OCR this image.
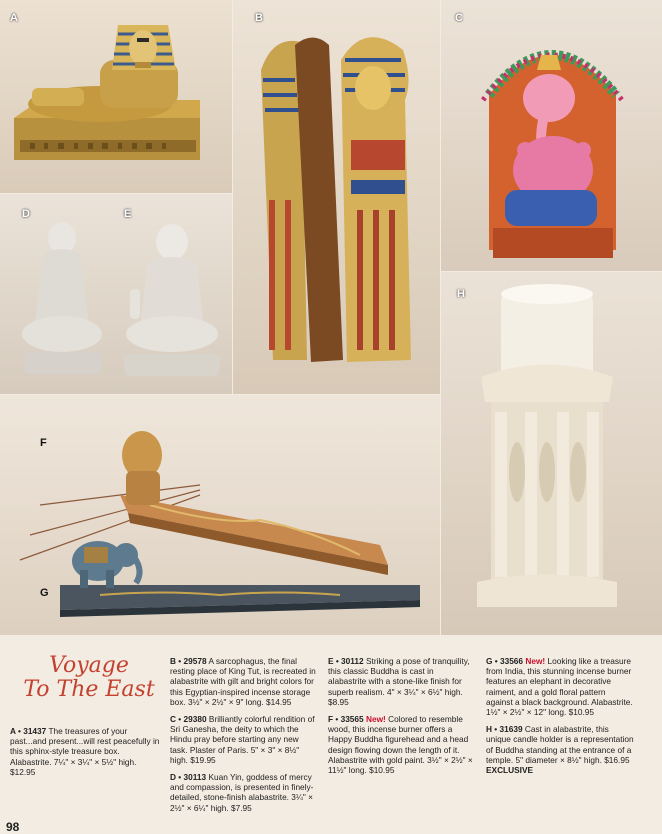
A	B	C
D	E
F
G
H
Voyage
To The East

A • 31437 The treasures of your past...and present...will rest peacefully in this sphinx-style treasure box. Alabastrite. 7¼" × 3¼" × 5½" high. $12.95

B • 29578 A sarcophagus, the final resting place of King Tut, is recreated in alabastrite with gilt and bright colors for this Egyptian-inspired incense storage box. 3½" × 2½" × 9" long. $14.95

C • 29380 Brilliantly colorful rendition of Sri Ganesha, the deity to which the Hindu pray before starting any new task. Plaster of Paris. 5" × 3" × 8½" high. $19.95

D • 30113 Kuan Yin, goddess of mercy and compassion, is presented in finely-detailed, stone-finish alabastrite. 3¼" × 2½" × 6¼" high. $7.95

E • 30112 Striking a pose of tranquility, this classic Buddha is cast in alabastrite with a stone-like finish for superb realism. 4" × 3¼" × 6½" high. $8.95

F • 33565 New! Colored to resemble wood, this incense burner offers a Happy Buddha figurehead and a head design flowing down the length of it. Alabastrite with gold paint. 3½" × 2½" × 11½" long. $10.95

G • 33566 New! Looking like a treasure from India, this stunning incense burner features an elephant in decorative raiment, and a gold floral pattern against a black background. Alabastrite. 1½" × 2½" × 12" long. $10.95

H • 31639 Cast in alabastrite, this unique candle holder is a representation of Buddha standing at the entrance of a temple. 5" diameter × 8½" high. $16.95
EXCLUSIVE

98
